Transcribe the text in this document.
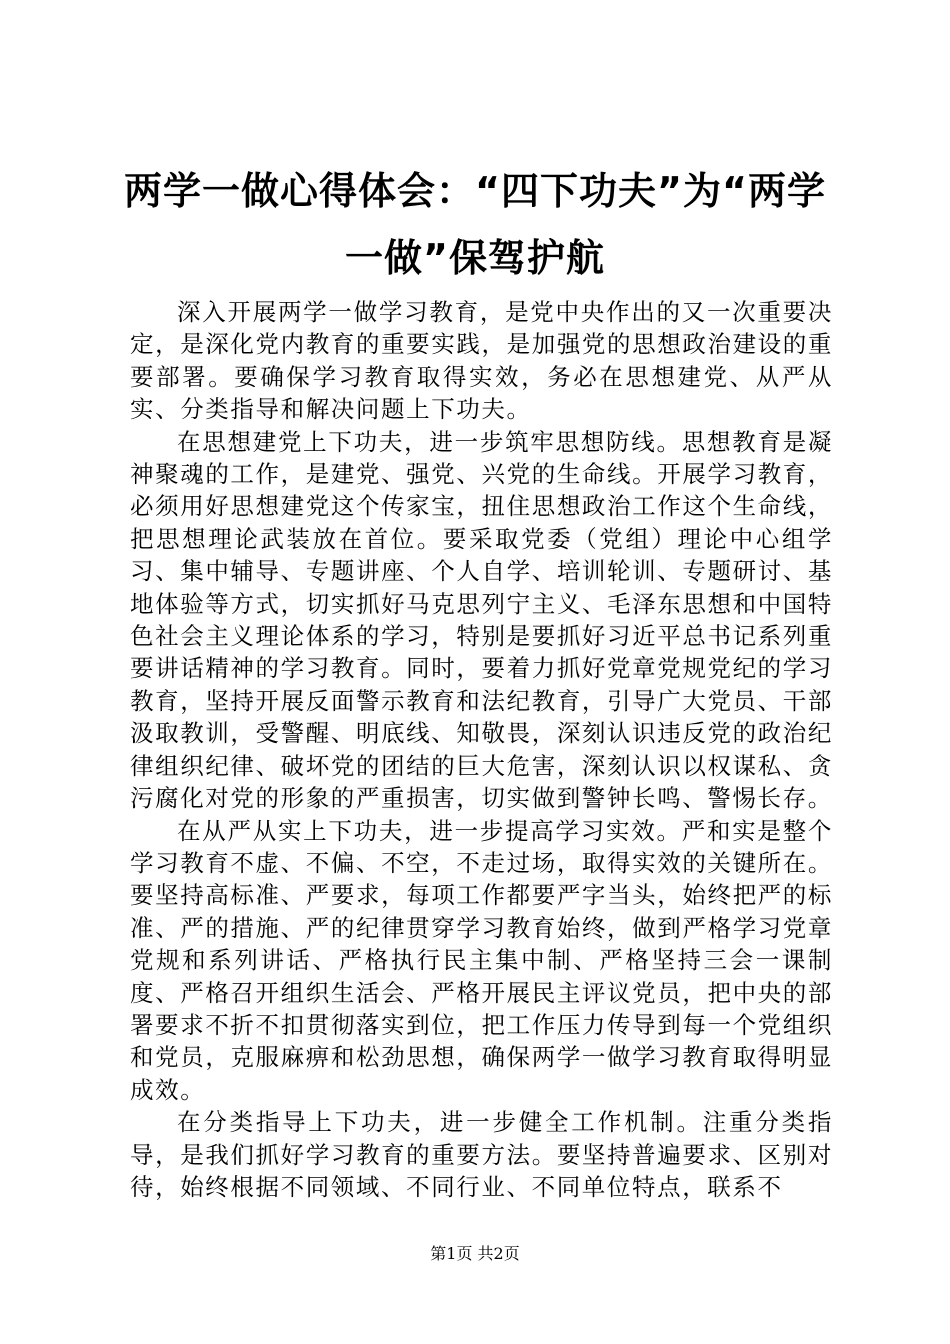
两学一做心得体会：“四下功夫”为“两学一做”保驾护航

深入开展两学一做学习教育，是党中央作出的又一次重要决定，是深化党内教育的重要实践，是加强党的思想政治建设的重要部署。要确保学习教育取得实效，务必在思想建党、从严从实、分类指导和解决问题上下功夫。

在思想建党上下功夫，进一步筑牢思想防线。思想教育是凝神聚魂的工作，是建党、强党、兴党的生命线。开展学习教育，必须用好思想建党这个传家宝，扭住思想政治工作这个生命线，把思想理论武装放在首位。要采取党委（党组）理论中心组学习、集中辅导、专题讲座、个人自学、培训轮训、专题研讨、基地体验等方式，切实抓好马克思列宁主义、毛泽东思想和中国特色社会主义理论体系的学习，特别是要抓好习近平总书记系列重要讲话精神的学习教育。同时，要着力抓好党章党规党纪的学习教育，坚持开展反面警示教育和法纪教育，引导广大党员、干部汲取教训，受警醒、明底线、知敬畏，深刻认识违反党的政治纪律组织纪律、破坏党的团结的巨大危害，深刻认识以权谋私、贪污腐化对党的形象的严重损害，切实做到警钟长鸣、警惕长存。

在从严从实上下功夫，进一步提高学习实效。严和实是整个学习教育不虚、不偏、不空，不走过场，取得实效的关键所在。要坚持高标准、严要求，每项工作都要严字当头，始终把严的标准、严的措施、严的纪律贯穿学习教育始终，做到严格学习党章党规和系列讲话、严格执行民主集中制、严格坚持三会一课制度、严格召开组织生活会、严格开展民主评议党员，把中央的部署要求不折不扣贯彻落实到位，把工作压力传导到每一个党组织和党员，克服麻痹和松劲思想，确保两学一做学习教育取得明显成效。

在分类指导上下功夫，进一步健全工作机制。注重分类指导，是我们抓好学习教育的重要方法。要坚持普遍要求、区别对待，始终根据不同领域、不同行业、不同单位特点，联系不

第1页 共2页
